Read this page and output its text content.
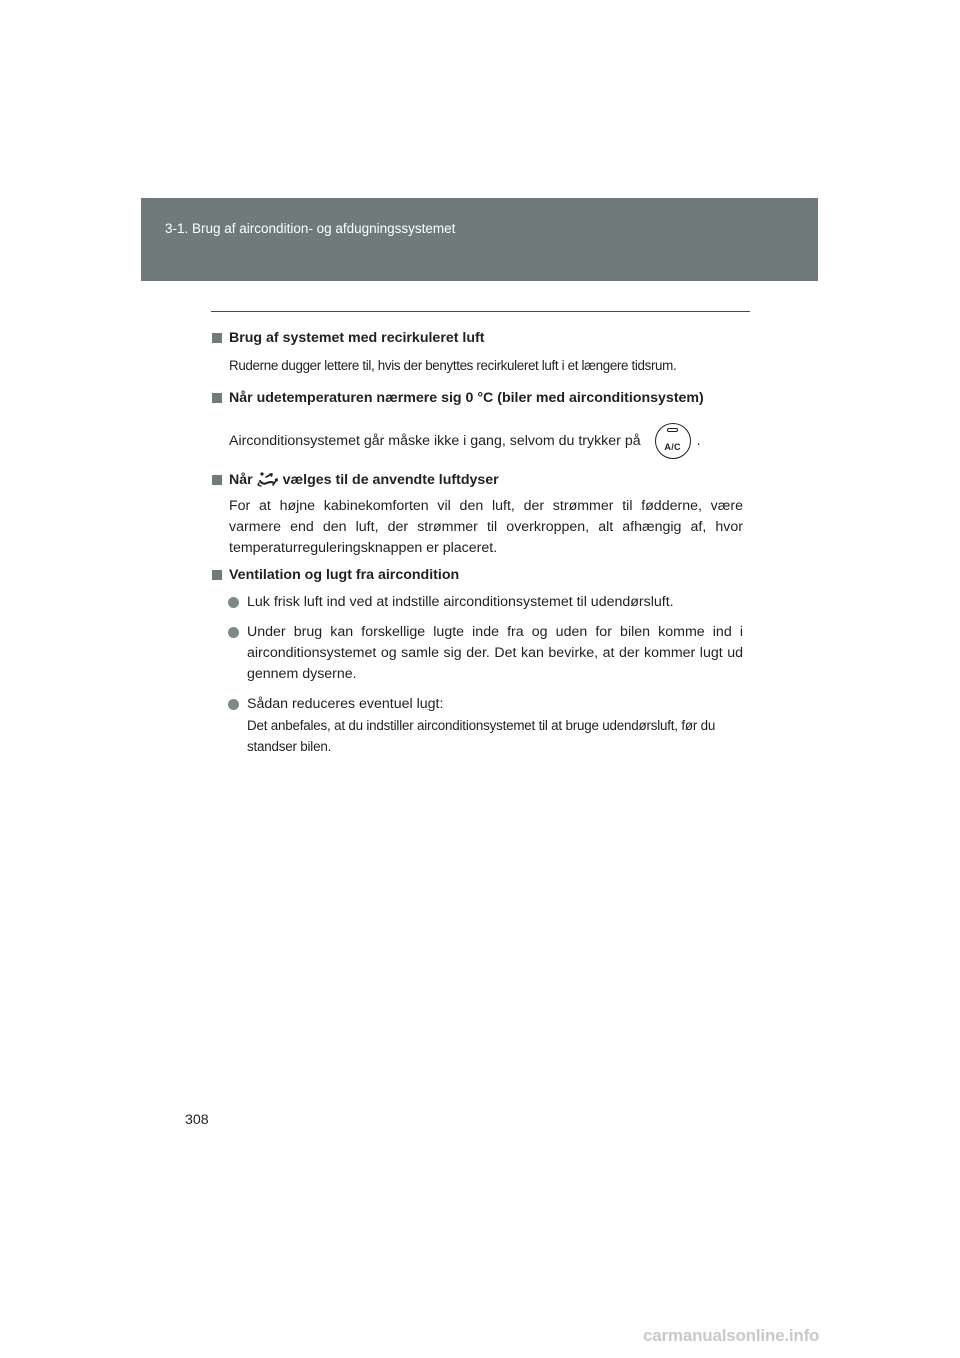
3-1. Brug af aircondition- og afdugningssystemet

Brug af systemet med recirkuleret luft

Ruderne dugger lettere til, hvis der benyttes recirkuleret luft i et længere tidsrum.

Når udetemperaturen nærmere sig 0 °C (biler med airconditionsystem)

Airconditionsystemet går måske ikke i gang, selvom du trykker på	A/C	.

Når vælges til de anvendte luftdyser

For at højne kabinekomforten vil den luft, der strømmer til fødderne, være varmere end den luft, der strømmer til overkroppen, alt afhængig af, hvor temperaturreguleringsknappen er placeret.

Ventilation og lugt fra aircondition

Luk frisk luft ind ved at indstille airconditionsystemet til udendørsluft.

Under brug kan forskellige lugte inde fra og uden for bilen komme ind i airconditionsystemet og samle sig der. Det kan bevirke, at der kommer lugt ud gennem dyserne.

Sådan reduceres eventuel lugt:
Det anbefales, at du indstiller airconditionsystemet til at bruge udendørsluft, før du standser bilen.
308
carmanualsonline.info
